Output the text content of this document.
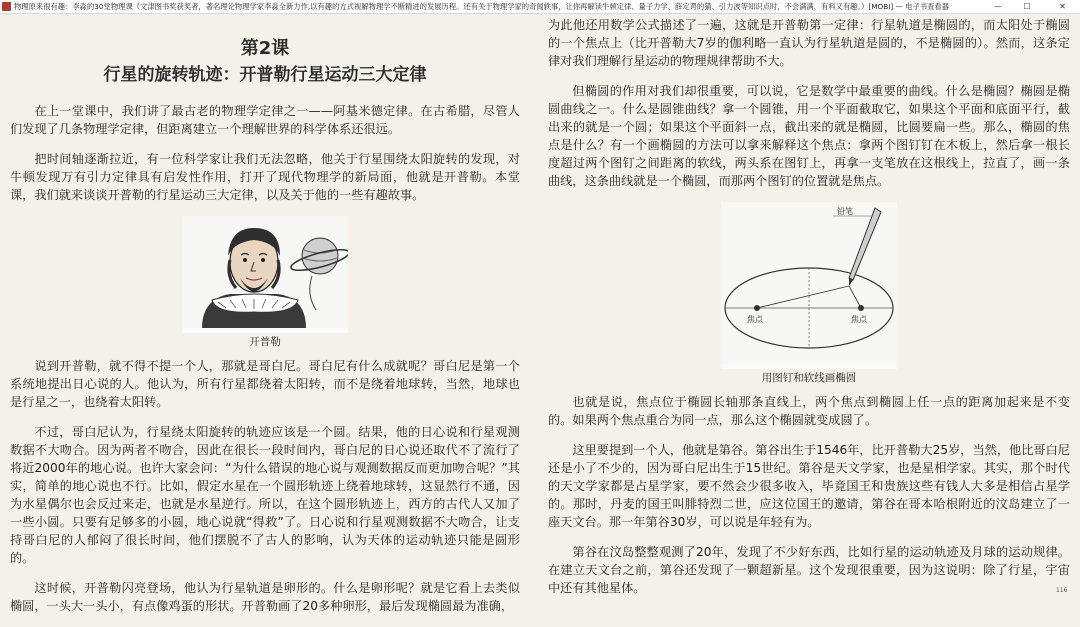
物理原来很有趣：李淼的30堂物理课（文津图书奖获奖者，著名理论物理学家李淼全新力作,以有趣的方式视解物理学不断精进的发展历程。还有关于物理学家的奇闻轶事，让你再解读牛顿定律、量子力学、薛定谔的猫、引力波等知识点时，不会满满，有料又有趣。）[MOBI] — 电子书查看器	—	☐	✕
第2课
行星的旋转轨迹：开普勒行星运动三大定律

在上一堂课中，我们讲了最古老的物理学定律之一——阿基米德定律。在古希腊，尽管人们发现了几条物理学定律，但距离建立一个理解世界的科学体系还很远。

把时间轴逐渐拉近，有一位科学家让我们无法忽略，他关于行星围绕太阳旋转的发现，对牛顿发现万有引力定律具有启发性作用，打开了现代物理学的新局面，他就是开普勒。本堂课，我们就来谈谈开普勒的行星运动三大定律，以及关于他的一些有趣故事。

开普勒

说到开普勒，就不得不提一个人，那就是哥白尼。哥白尼有什么成就呢？哥白尼是第一个系统地提出日心说的人。他认为，所有行星都绕着太阳转，而不是绕着地球转，当然，地球也是行星之一，也绕着太阳转。

不过，哥白尼认为，行星绕太阳旋转的轨迹应该是一个圆。结果，他的日心说和行星观测数据不大吻合。因为两者不吻合，因此在很长一段时间内，哥白尼的日心说还取代不了流行了将近2000年的地心说。也许大家会问：“为什么错误的地心说与观测数据反而更加吻合呢？”其实，简单的地心说也不行。比如，假定水星在一个圆形轨迹上绕着地球转，这显然行不通，因为水星偶尔也会反过来走，也就是水星逆行。所以，在这个圆形轨迹上，西方的古代人又加了一些小圆。只要有足够多的小圆，地心说就“得救”了。日心说和行星观测数据不大吻合，让支持哥白尼的人郁闷了很长时间，他们摆脱不了古人的影响，认为天体的运动轨迹只能是圆形的。

这时候，开普勒闪亮登场，他认为行星轨道是卵形的。什么是卵形呢？就是它看上去类似椭圆，一头大一头小，有点像鸡蛋的形状。开普勒画了20多种卵形，最后发现椭圆最为准确，

为此他还用数学公式描述了一遍，这就是开普勒第一定律：行星轨道是椭圆的，而太阳处于椭圆的一个焦点上（比开普勒大7岁的伽利略一直认为行星轨道是圆的，不是椭圆的）。然而，这条定律对我们理解行星运动的物理规律帮助不大。

但椭圆的作用对我们却很重要，可以说，它是数学中最重要的曲线。什么是椭圆？椭圆是椭圆曲线之一。什么是圆锥曲线？拿一个圆锥，用一个平面截取它，如果这个平面和底面平行，截出来的就是一个圆；如果这个平面斜一点，截出来的就是椭圆，比圆要扁一些。那么，椭圆的焦点是什么？有一个画椭圆的方法可以拿来解释这个焦点：拿两个图钉钉在木板上，然后拿一根长度超过两个图钉之间距离的软线，两头系在图钉上，再拿一支笔放在这根线上，拉直了，画一条曲线，这条曲线就是一个椭圆，而那两个图钉的位置就是焦点。

铅笔
焦点	焦点
用图钉和软线画椭圆

也就是说，焦点位于椭圆长轴那条直线上，两个焦点到椭圆上任一点的距离加起来是不变的。如果两个焦点重合为同一点，那么这个椭圆就变成圆了。

这里要提到一个人，他就是第谷。第谷出生于1546年，比开普勒大25岁，当然，他比哥白尼还是小了不少的，因为哥白尼出生于15世纪。第谷是天文学家，也是星相学家。其实，那个时代的天文学家都是占星学家，要不然会少很多收入，毕竟国王和贵族这些有钱人大多是相信占星学的。那时，丹麦的国王叫腓特烈二世，应这位国王的邀请，第谷在哥本哈根附近的汶岛建立了一座天文台。那一年第谷30岁，可以说是年轻有为。

第谷在汶岛整整观测了20年，发现了不少好东西，比如行星的运动轨迹及月球的运动规律。在建立天文台之前，第谷还发现了一颗超新星。这个发现很重要，因为这说明：除了行星，宇宙中还有其他星体。	116
